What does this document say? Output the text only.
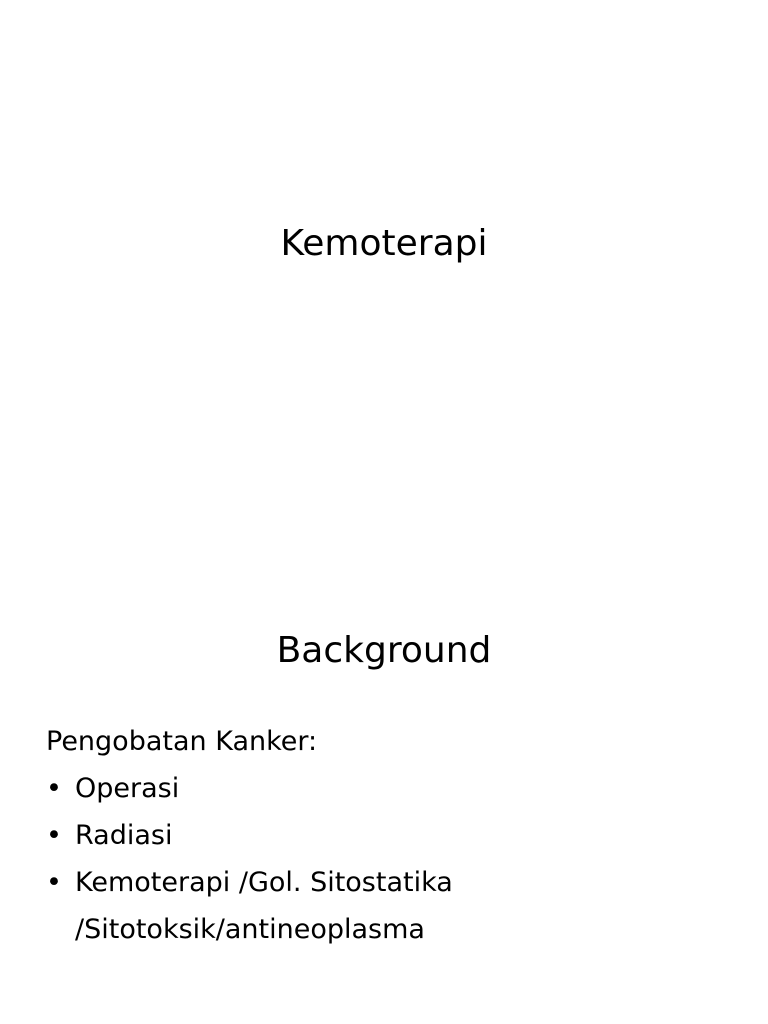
Kemoterapi
Background

Pengobatan Kanker:

• Operasi
• Radiasi
• Kemoterapi /Gol. Sitostatika
/Sitotoksik/antineoplasma
